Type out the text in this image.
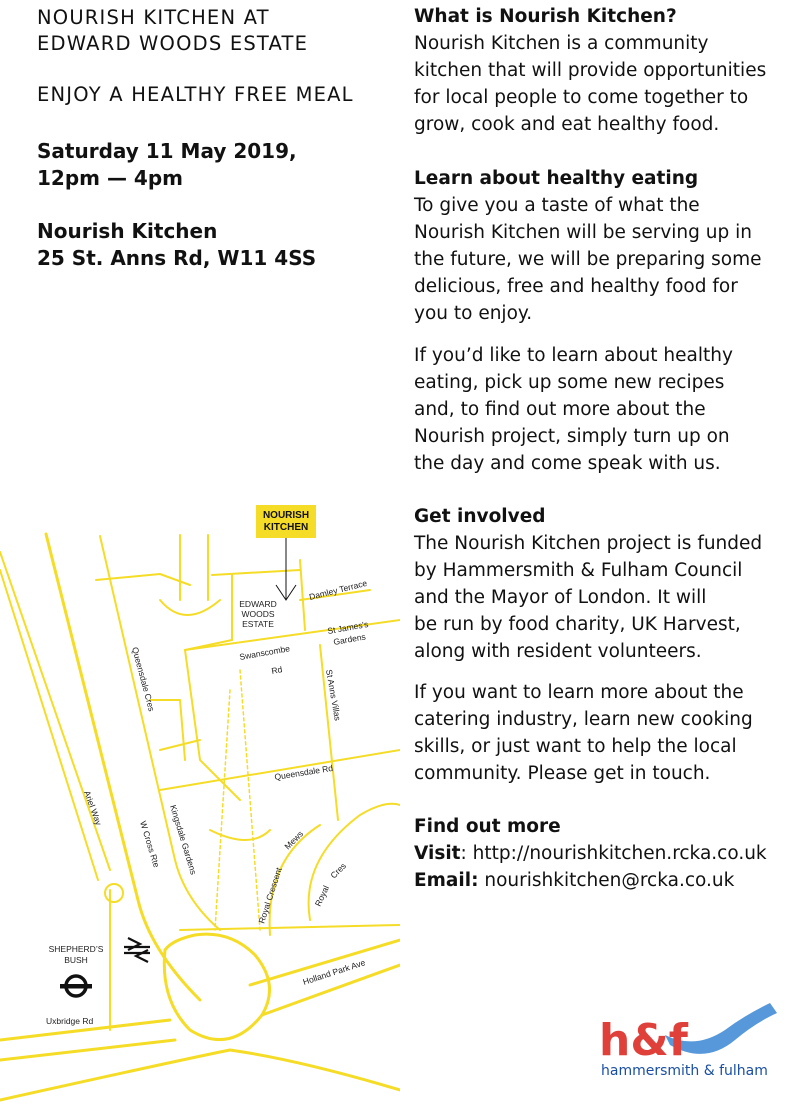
NOURISH KITCHEN AT
EDWARD WOODS ESTATE
ENJOY A HEALTHY FREE MEAL
Saturday 11 May 2019,
12pm — 4pm
Nourish Kitchen
25 St. Anns Rd, W11 4SS
What is Nourish Kitchen?

Nourish Kitchen is a community
kitchen that will provide opportunities
for local people to come together to
grow, cook and eat healthy food.

Learn about healthy eating

To give you a taste of what the
Nourish Kitchen will be serving up in
the future, we will be preparing some
delicious, free and healthy food for
you to enjoy.

If you’d like to learn about healthy
eating, pick up some new recipes
and, to find out more about the
Nourish project, simply turn up on
the day and come speak with us.

Get involved

The Nourish Kitchen project is funded
by Hammersmith & Fulham Council
and the Mayor of London. It will
be run by food charity, UK Harvest,
along with resident volunteers.

If you want to learn more about the
catering industry, learn new cooking
skills, or just want to help the local
community. Please get in touch.

Find out more

Visit: http://nourishkitchen.rcka.co.uk

Email: nourishkitchen@rcka.co.uk

NOURISH
KITCHEN
EDWARD
WOODS
ESTATE
Damley Terrace
St James's
Gardens
Swanscombe
Rd	St Anns Villas
Queensdale Cres
Queensdale Rd
Ariel Way
W Cross Rte Kingsdale Gardens
Royal Crescent
Mews
Royal
Cres
Holland Park Ave
Uxbridge Rd
SHEPHERD’S
BUSH
h&f
hammersmith & fulham
